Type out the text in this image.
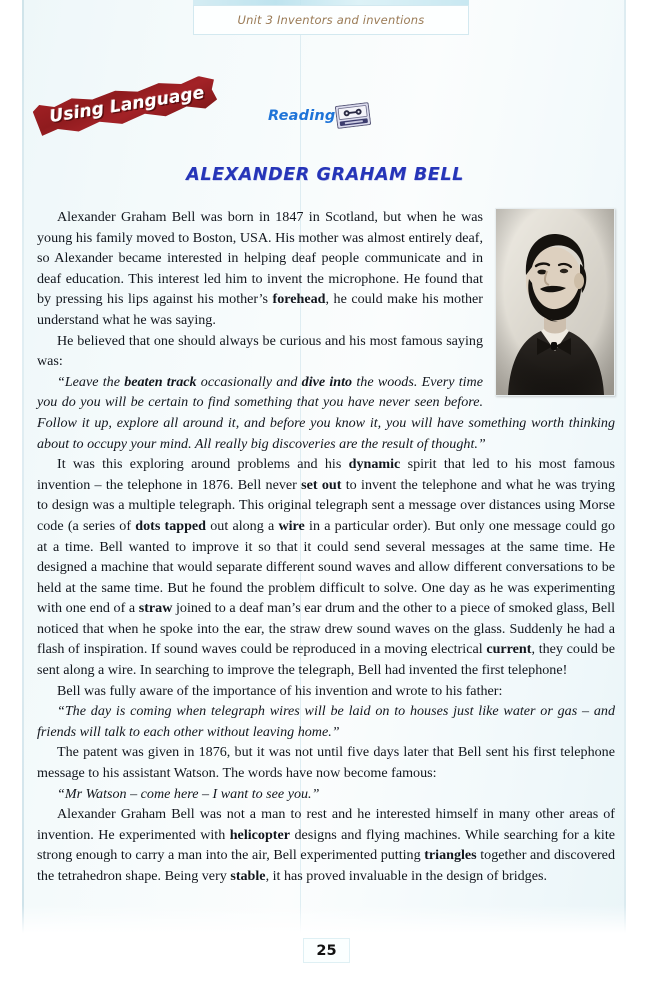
Unit 3 Inventors and inventions
Using Language	Reading
ALEXANDER GRAHAM BELL

Alexander Graham Bell was born in 1847 in Scotland, but when he was young his family moved to Boston, USA. His mother was almost entirely deaf, so Alexander became interested in helping deaf people communicate and in deaf education. This interest led him to invent the microphone. He found that by pressing his lips against his mother’s forehead, he could make his mother understand what he was saying.

He believed that one should always be curious and his most famous saying was:

“Leave the beaten track occasionally and dive into the woods. Every time you do you will be certain to find something that you have never seen before. Follow it up, explore all around it, and before you know it, you will have something worth thinking about to occupy your mind. All really big discoveries are the result of thought.”

It was this exploring around problems and his dynamic spirit that led to his most famous invention – the telephone in 1876. Bell never set out to invent the telephone and what he was trying to design was a multiple telegraph. This original telegraph sent a message over distances using Morse code (a series of dots tapped out along a wire in a particular order). But only one message could go at a time. Bell wanted to improve it so that it could send several messages at the same time. He designed a machine that would separate different sound waves and allow different conversations to be held at the same time. But he found the problem difficult to solve. One day as he was experimenting with one end of a straw joined to a deaf man’s ear drum and the other to a piece of smoked glass, Bell noticed that when he spoke into the ear, the straw drew sound waves on the glass. Suddenly he had a flash of inspiration. If sound waves could be reproduced in a moving electrical current, they could be sent along a wire. In searching to improve the telegraph, Bell had invented the first telephone!

Bell was fully aware of the importance of his invention and wrote to his father:

“The day is coming when telegraph wires will be laid on to houses just like water or gas – and friends will talk to each other without leaving home.”

The patent was given in 1876, but it was not until five days later that Bell sent his first telephone message to his assistant Watson. The words have now become famous:

“Mr Watson – come here – I want to see you.”

Alexander Graham Bell was not a man to rest and he interested himself in many other areas of invention. He experimented with helicopter designs and flying machines. While searching for a kite strong enough to carry a man into the air, Bell experimented putting triangles together and discovered the tetrahedron shape. Being very stable, it has proved invaluable in the design of bridges.

25
